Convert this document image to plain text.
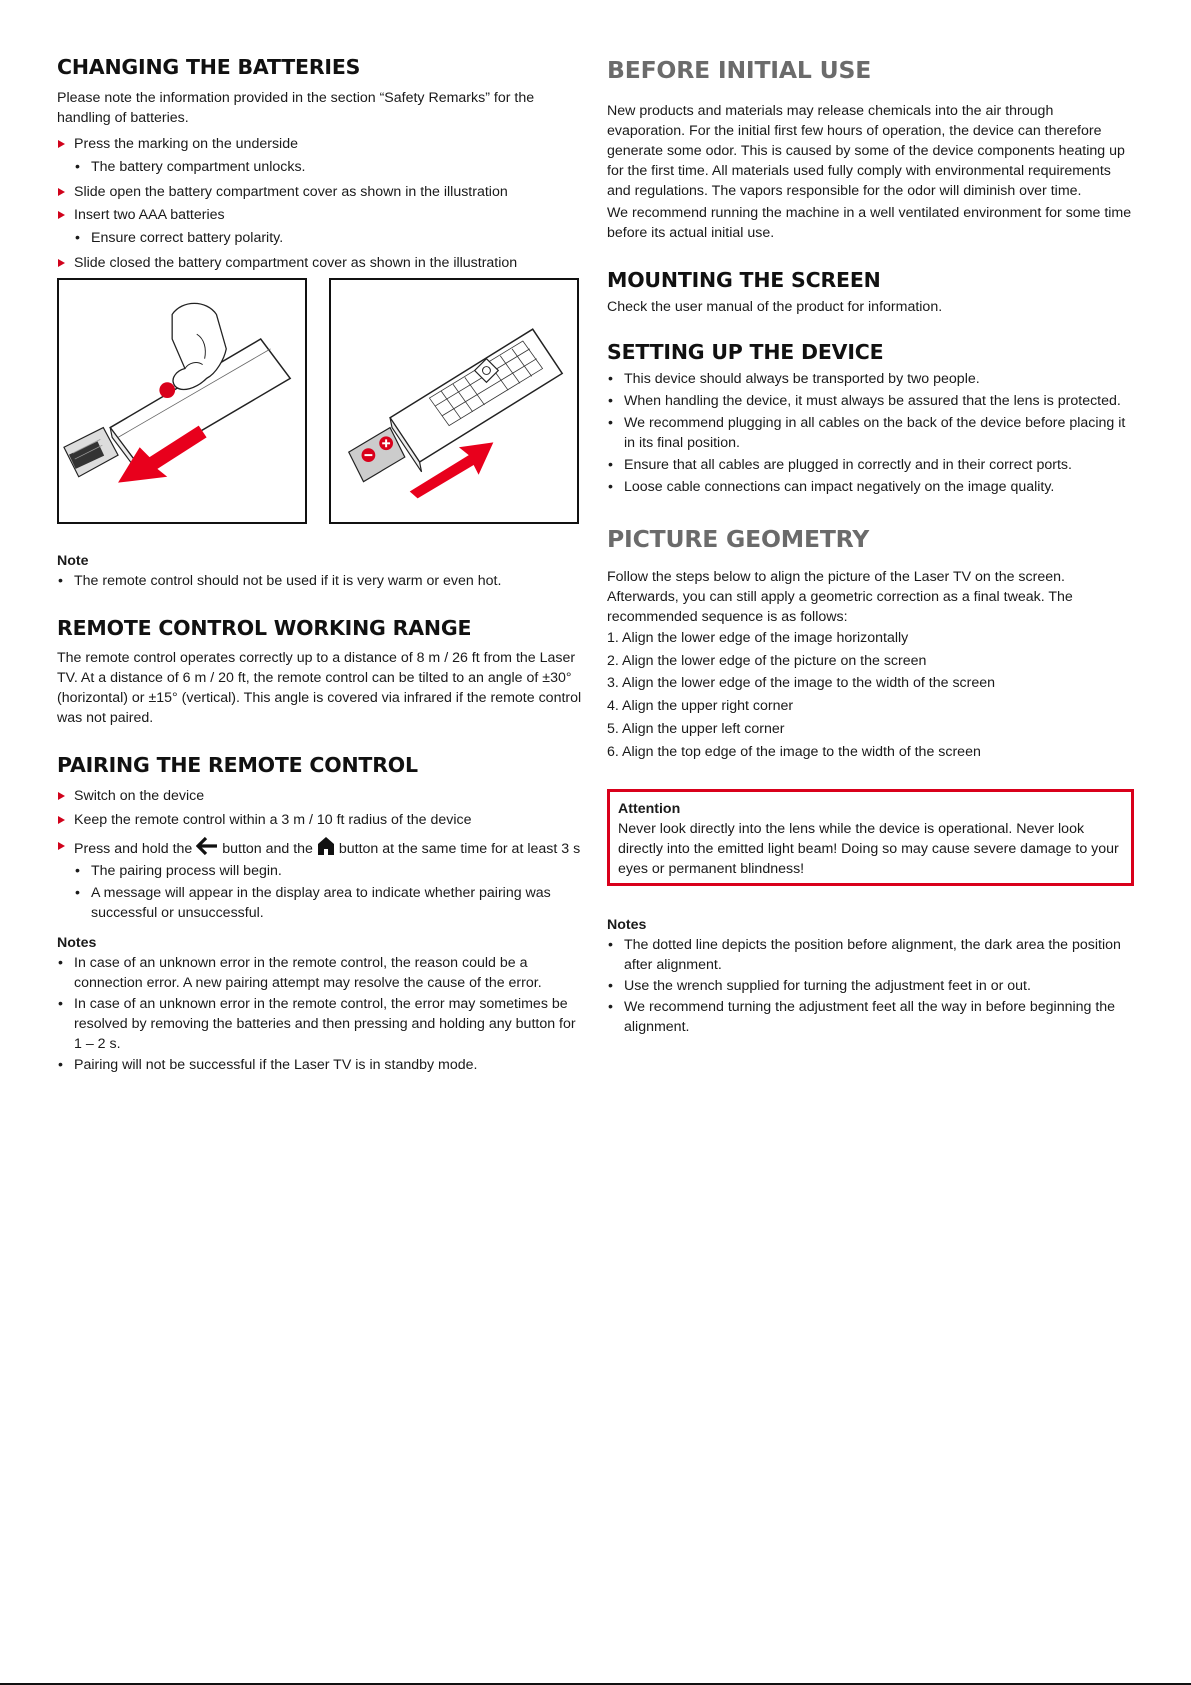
CHANGING THE BATTERIES

Please note the information provided in the section “Safety Remarks” for the handling of batteries.

Press the marking on the underside
• The battery compartment unlocks.
Slide open the battery compartment cover as shown in the illustration
Insert two AAA batteries
• Ensure correct battery polarity.
Slide closed the battery compartment cover as shown in the illustration
Note
• The remote control should not be used if it is very warm or even hot.
REMOTE CONTROL WORKING RANGE

The remote control operates correctly up to a distance of 8 m / 26 ft from the Laser TV. At a distance of 6 m / 20 ft, the remote control can be tilted to an angle of ±30° (horizontal) or ±15° (vertical). This angle is covered via infrared if the remote control was not paired.

PAIRING THE REMOTE CONTROL
Switch on the device
Keep the remote control within a 3 m / 10 ft radius of the device
Press and hold the button and the button at the same time for at least 3 s
• The pairing process will begin.
• A message will appear in the display area to indicate whether pairing was successful or unsuccessful.
Notes
• In case of an unknown error in the remote control, the reason could be a connection error. A new pairing attempt may resolve the cause of the error.
• In case of an unknown error in the remote control, the error may sometimes be resolved by removing the batteries and then pressing and holding any button for 1 – 2 s.
• Pairing will not be successful if the Laser TV is in standby mode.
BEFORE INITIAL USE

New products and materials may release chemicals into the air through evaporation. For the initial first few hours of operation, the device can therefore generate some odor. This is caused by some of the device components heating up for the first time. All materials used fully comply with environmental requirements and regulations. The vapors responsible for the odor will diminish over time.

We recommend running the machine in a well ventilated environment for some time before its actual initial use.

MOUNTING THE SCREEN

Check the user manual of the product for information.

SETTING UP THE DEVICE
• This device should always be transported by two people.
• When handling the device, it must always be assured that the lens is protected.
• We recommend plugging in all cables on the back of the device before placing it in its final position.
• Ensure that all cables are plugged in correctly and in their correct ports.
• Loose cable connections can impact negatively on the image quality.
PICTURE GEOMETRY

Follow the steps below to align the picture of the Laser TV on the screen. Afterwards, you can still apply a geometric correction as a final tweak. The recommended sequence is as follows:

1. Align the lower edge of the image horizontally
2. Align the lower edge of the picture on the screen
3. Align the lower edge of the image to the width of the screen
4. Align the upper right corner
5. Align the upper left corner
6. Align the top edge of the image to the width of the screen
Attention
Never look directly into the lens while the device is operational. Never look directly into the emitted light beam! Doing so may cause severe damage to your eyes or permanent blindness!
Notes
• The dotted line depicts the position before alignment, the dark area the position after alignment.
• Use the wrench supplied for turning the adjustment feet in or out.
• We recommend turning the adjustment feet all the way in before beginning the alignment.
